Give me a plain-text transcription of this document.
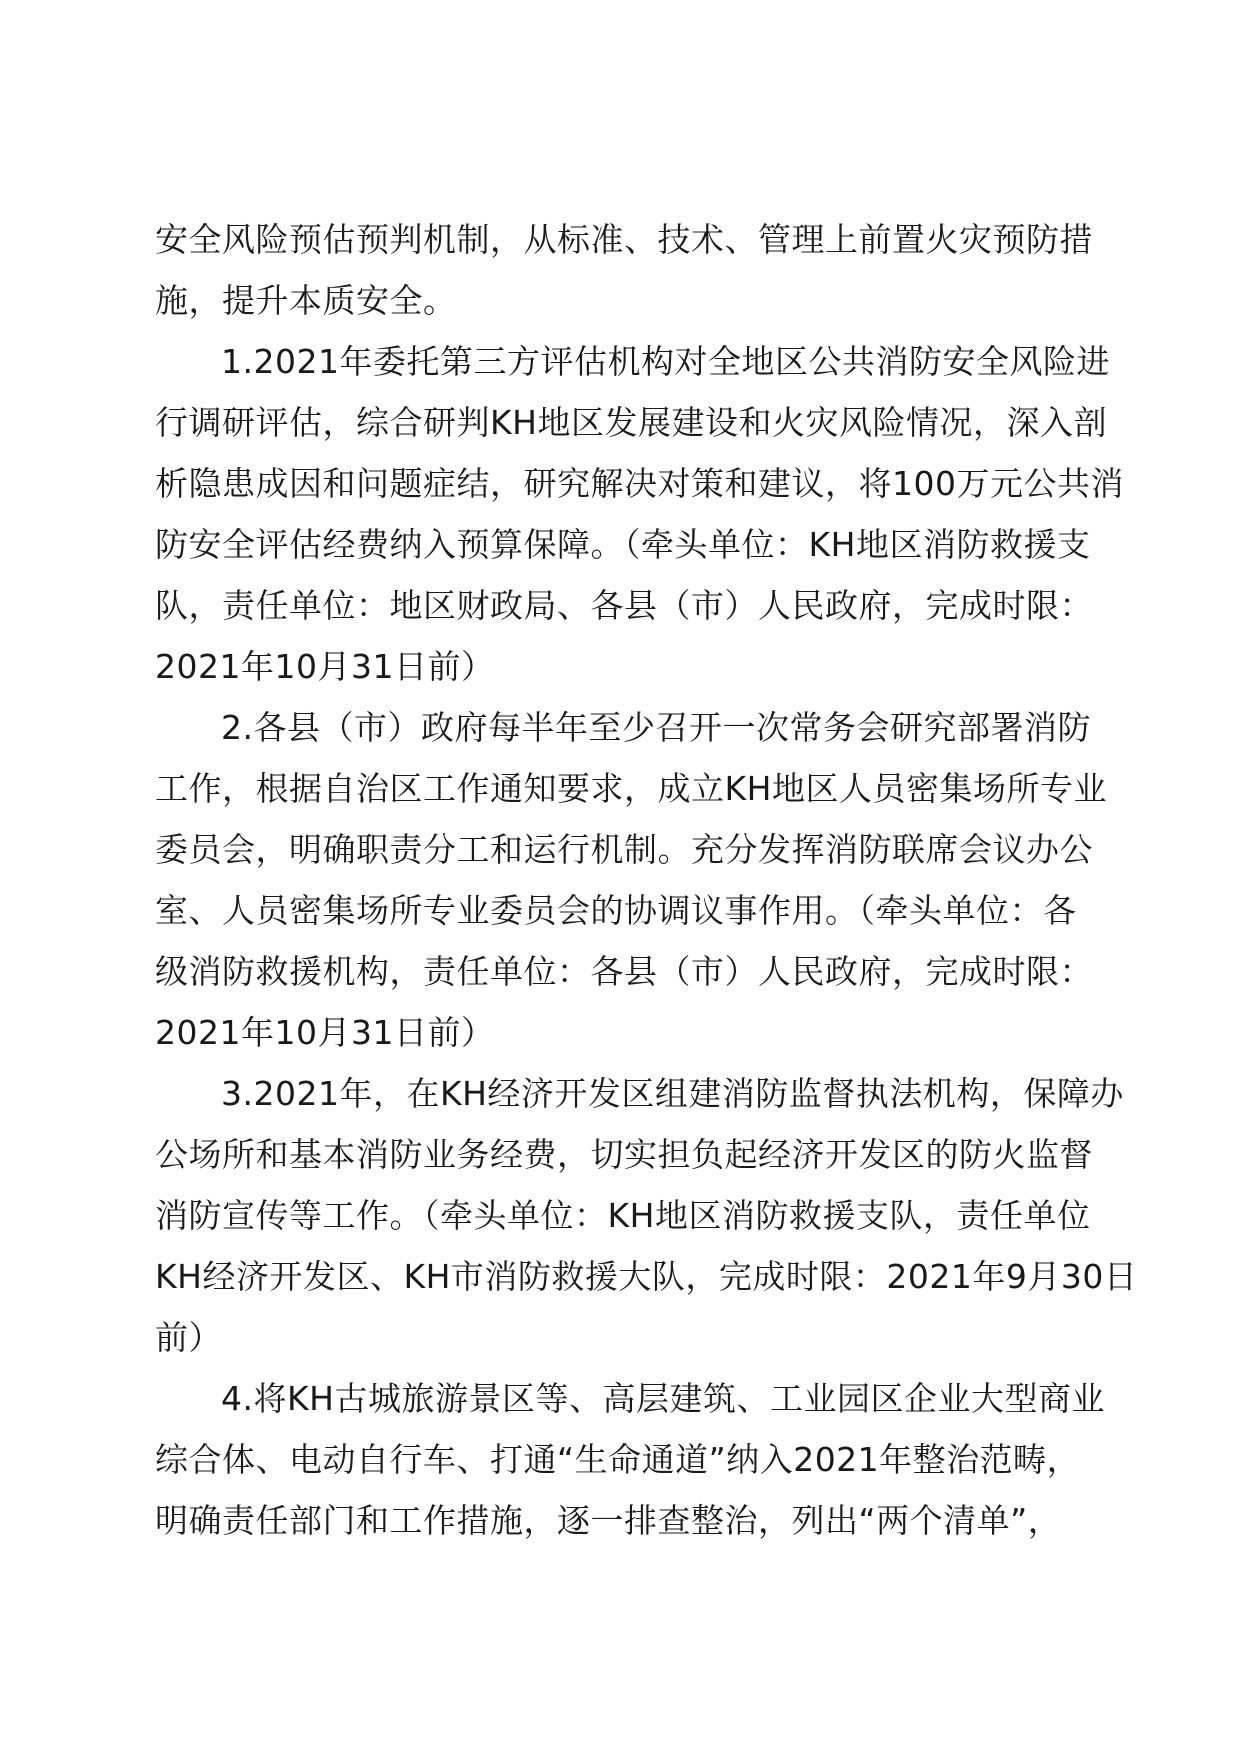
安全风险预估预判机制，从标准、技术、管理上前置火灾预防措
施，提升本质安全。
1.2021年委托第三方评估机构对全地区公共消防安全风险进
行调研评估，综合研判KH地区发展建设和火灾风险情况，深入剖
析隐患成因和问题症结，研究解决对策和建议，将100万元公共消
防安全评估经费纳入预算保障。（牵头单位：KH地区消防救援支
队，责任单位：地区财政局、各县（市）人民政府，完成时限：
2021年10月31日前）
2.各县（市）政府每半年至少召开一次常务会研究部署消防
工作，根据自治区工作通知要求，成立KH地区人员密集场所专业
委员会，明确职责分工和运行机制。充分发挥消防联席会议办公
室、人员密集场所专业委员会的协调议事作用。（牵头单位：各
级消防救援机构，责任单位：各县（市）人民政府，完成时限：
2021年10月31日前）
3.2021年，在KH经济开发区组建消防监督执法机构，保障办
公场所和基本消防业务经费，切实担负起经济开发区的防火监督
消防宣传等工作。（牵头单位：KH地区消防救援支队，责任单位
KH经济开发区、KH市消防救援大队，完成时限：2021年9月30日
前）
4.将KH古城旅游景区等、高层建筑、工业园区企业大型商业
综合体、电动自行车、打通“生命通道”纳入2021年整治范畴，
明确责任部门和工作措施，逐一排查整治，列出“两个清单”，
